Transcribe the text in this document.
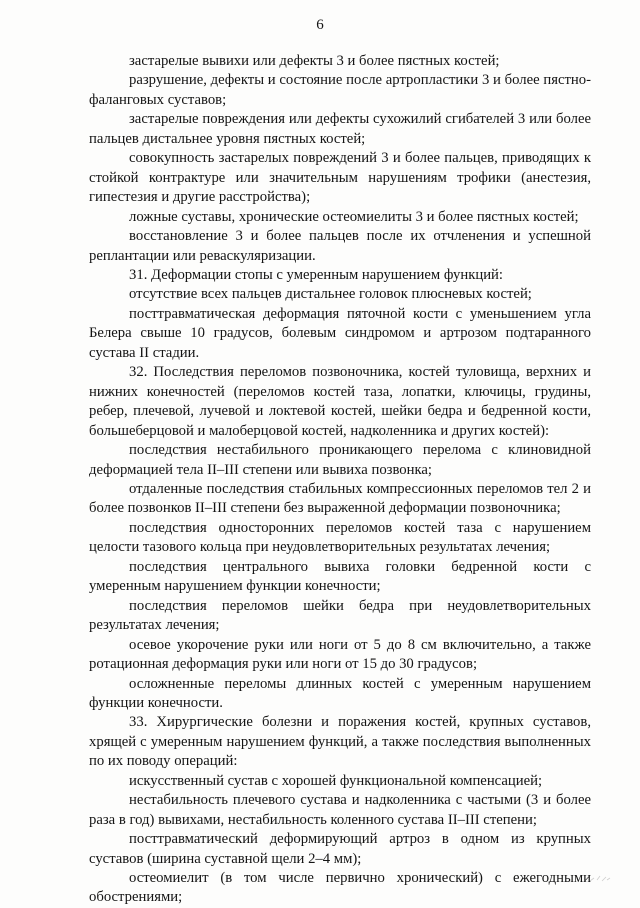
6

застарелые вывихи или дефекты 3 и более пястных костей;

разрушение, дефекты и состояние после артропластики 3 и более пястно-фаланговых суставов;

застарелые повреждения или дефекты сухожилий сгибателей 3 или более пальцев дистальнее уровня пястных костей;

совокупность застарелых повреждений 3 и более пальцев, приводящих к стойкой контрактуре или значительным нарушениям трофики (анестезия, гипестезия и другие расстройства);

ложные суставы, хронические остеомиелиты 3 и более пястных костей;

восстановление 3 и более пальцев после их отчленения и успешной реплантации или реваскуляризации.

31. Деформации стопы с умеренным нарушением функций:

отсутствие всех пальцев дистальнее головок плюсневых костей;

посттравматическая деформация пяточной кости с уменьшением угла Белера свыше 10 градусов, болевым синдромом и артрозом подтаранного сустава II стадии.

32. Последствия переломов позвоночника, костей туловища, верхних и нижних конечностей (переломов костей таза, лопатки, ключицы, грудины, ребер, плечевой, лучевой и локтевой костей, шейки бедра и бедренной кости, большеберцовой и малоберцовой костей, надколенника и других костей):

последствия нестабильного проникающего перелома с клиновидной деформацией тела II–III степени или вывиха позвонка;

отдаленные последствия стабильных компрессионных переломов тел 2 и более позвонков II–III степени без выраженной деформации позвоночника;

последствия односторонних переломов костей таза с нарушением целости тазового кольца при неудовлетворительных результатах лечения;

последствия центрального вывиха головки бедренной кости с умеренным нарушением функции конечности;

последствия переломов шейки бедра при неудовлетворительных результатах лечения;

осевое укорочение руки или ноги от 5 до 8 см включительно, а также ротационная деформация руки или ноги от 15 до 30 градусов;

осложненные переломы длинных костей с умеренным нарушением функции конечности.

33. Хирургические болезни и поражения костей, крупных суставов, хрящей с умеренным нарушением функций, а также последствия выполненных по их поводу операций:

искусственный сустав с хорошей функциональной компенсацией;

нестабильность плечевого сустава и надколенника с частыми (3 и более раза в год) вывихами, нестабильность коленного сустава II–III степени;

посттравматический деформирующий артроз в одном из крупных суставов (ширина суставной щели 2–4 мм);

остеомиелит (в том числе первично хронический) с ежегодными обострениями;
